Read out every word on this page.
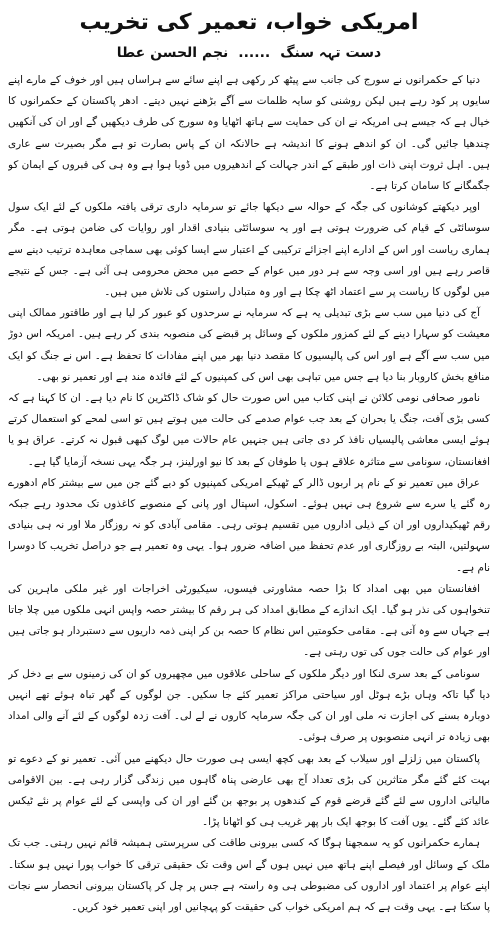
امریکی خواب، تعمیر کی تخریب
دست تہہ سنگ
......
نجم الحسن عطا

دنیا کے حکمرانوں نے سورج کی جانب سے پیٹھ کر رکھی ہے اپنے سائے سے ہراساں ہیں اور خوف کے مارے اپنے سایوں پر کود رہے ہیں لیکن روشنی کو سایہ ظلمات سے آگے بڑھنے نہیں دیتے۔ ادھر پاکستان کے حکمرانوں کا خیال ہے کہ جیسے ہی امریکہ نے ان کی حمایت سے ہاتھ اٹھایا وہ سورج کی طرف دیکھیں گے اور ان کی آنکھیں چندھیا جائیں گی۔ ان کو اندھے ہونے کا اندیشہ ہے حالانکہ ان کے پاس بصارت تو ہے مگر بصیرت سے عاری ہیں۔ اہل ثروت اپنی ذات اور طبقے کے اندر جہالت کے اندھیروں میں ڈوبا ہوا ہے وہ ہی کی قبروں کے ایمان کو جگمگانے کا سامان کرتا ہے۔

اوپر دیکھتے کوشانوں کی جگہ کے حوالہ سے دیکھا جائے تو سرمایہ داری ترقی یافتہ ملکوں کے لئے ایک سول سوسائٹی کے قیام کی ضرورت ہوتی ہے اور یہ سوسائٹی بنیادی اقدار اور روایات کی ضامن ہوتی ہے۔ مگر ہماری ریاست اور اس کے ادارے اپنے اجزائے ترکیبی کے اعتبار سے ایسا کوئی بھی سماجی معاہدہ ترتیب دینے سے قاصر رہے ہیں اور اسی وجہ سے ہر دور میں عوام کے حصے میں محض محرومی ہی آئی ہے۔ جس کے نتیجے میں لوگوں کا ریاست پر سے اعتماد اٹھ چکا ہے اور وہ متبادل راستوں کی تلاش میں ہیں۔

آج کی دنیا میں سب سے بڑی تبدیلی یہ ہے کہ سرمایہ نے سرحدوں کو عبور کر لیا ہے اور طاقتور ممالک اپنی معیشت کو سہارا دینے کے لئے کمزور ملکوں کے وسائل پر قبضے کی منصوبہ بندی کر رہے ہیں۔ امریکہ اس دوڑ میں سب سے آگے ہے اور اس کی پالیسیوں کا مقصد دنیا بھر میں اپنے مفادات کا تحفظ ہے۔ اس نے جنگ کو ایک منافع بخش کاروبار بنا دیا ہے جس میں تباہی بھی اس کی کمپنیوں کے لئے فائدہ مند ہے اور تعمیر نو بھی۔

نامور صحافی نومی کلائن نے اپنی کتاب میں اس صورت حال کو شاک ڈاکٹرین کا نام دیا ہے۔ ان کا کہنا ہے کہ کسی بڑی آفت، جنگ یا بحران کے بعد جب عوام صدمے کی حالت میں ہوتے ہیں تو اسی لمحے کو استعمال کرتے ہوئے ایسی معاشی پالیسیاں نافذ کر دی جاتی ہیں جنہیں عام حالات میں لوگ کبھی قبول نہ کرتے۔ عراق ہو یا افغانستان، سونامی سے متاثرہ علاقے ہوں یا طوفان کے بعد کا نیو اورلینز، ہر جگہ یہی نسخہ آزمایا گیا ہے۔

عراق میں تعمیر نو کے نام پر اربوں ڈالر کے ٹھیکے امریکی کمپنیوں کو دیے گئے جن میں سے بیشتر کام ادھورے رہ گئے یا سرے سے شروع ہی نہیں ہوئے۔ اسکول، اسپتال اور پانی کے منصوبے کاغذوں تک محدود رہے جبکہ رقم ٹھیکیداروں اور ان کے ذیلی اداروں میں تقسیم ہوتی رہی۔ مقامی آبادی کو نہ روزگار ملا اور نہ ہی بنیادی سہولتیں، البتہ بے روزگاری اور عدم تحفظ میں اضافہ ضرور ہوا۔ یہی وہ تعمیر ہے جو دراصل تخریب کا دوسرا نام ہے۔

افغانستان میں بھی امداد کا بڑا حصہ مشاورتی فیسوں، سیکیورٹی اخراجات اور غیر ملکی ماہرین کی تنخواہوں کی نذر ہو گیا۔ ایک اندازے کے مطابق امداد کی ہر رقم کا بیشتر حصہ واپس انہی ملکوں میں چلا جاتا ہے جہاں سے وہ آتی ہے۔ مقامی حکومتیں اس نظام کا حصہ بن کر اپنی ذمہ داریوں سے دستبردار ہو جاتی ہیں اور عوام کی حالت جوں کی توں رہتی ہے۔

سونامی کے بعد سری لنکا اور دیگر ملکوں کے ساحلی علاقوں میں مچھیروں کو ان کی زمینوں سے بے دخل کر دیا گیا تاکہ وہاں بڑے ہوٹل اور سیاحتی مراکز تعمیر کئے جا سکیں۔ جن لوگوں کے گھر تباہ ہوئے تھے انہیں دوبارہ بسنے کی اجازت نہ ملی اور ان کی جگہ سرمایہ کاروں نے لے لی۔ آفت زدہ لوگوں کے لئے آنے والی امداد بھی زیادہ تر انہی منصوبوں پر صرف ہوئی۔

پاکستان میں زلزلے اور سیلاب کے بعد بھی کچھ ایسی ہی صورت حال دیکھنے میں آئی۔ تعمیر نو کے دعوے تو بہت کئے گئے مگر متاثرین کی بڑی تعداد آج بھی عارضی پناہ گاہوں میں زندگی گزار رہی ہے۔ بین الاقوامی مالیاتی اداروں سے لئے گئے قرضے قوم کے کندھوں پر بوجھ بن گئے اور ان کی واپسی کے لئے عوام پر نئے ٹیکس عائد کئے گئے۔ یوں آفت کا بوجھ ایک بار پھر غریب ہی کو اٹھانا پڑا۔

ہمارے حکمرانوں کو یہ سمجھنا ہوگا کہ کسی بیرونی طاقت کی سرپرستی ہمیشہ قائم نہیں رہتی۔ جب تک ملک کے وسائل اور فیصلے اپنے ہاتھ میں نہیں ہوں گے اس وقت تک حقیقی ترقی کا خواب پورا نہیں ہو سکتا۔ اپنے عوام پر اعتماد اور اداروں کی مضبوطی ہی وہ راستہ ہے جس پر چل کر پاکستان بیرونی انحصار سے نجات پا سکتا ہے۔ یہی وقت ہے کہ ہم امریکی خواب کی حقیقت کو پہچانیں اور اپنی تعمیر خود کریں۔
